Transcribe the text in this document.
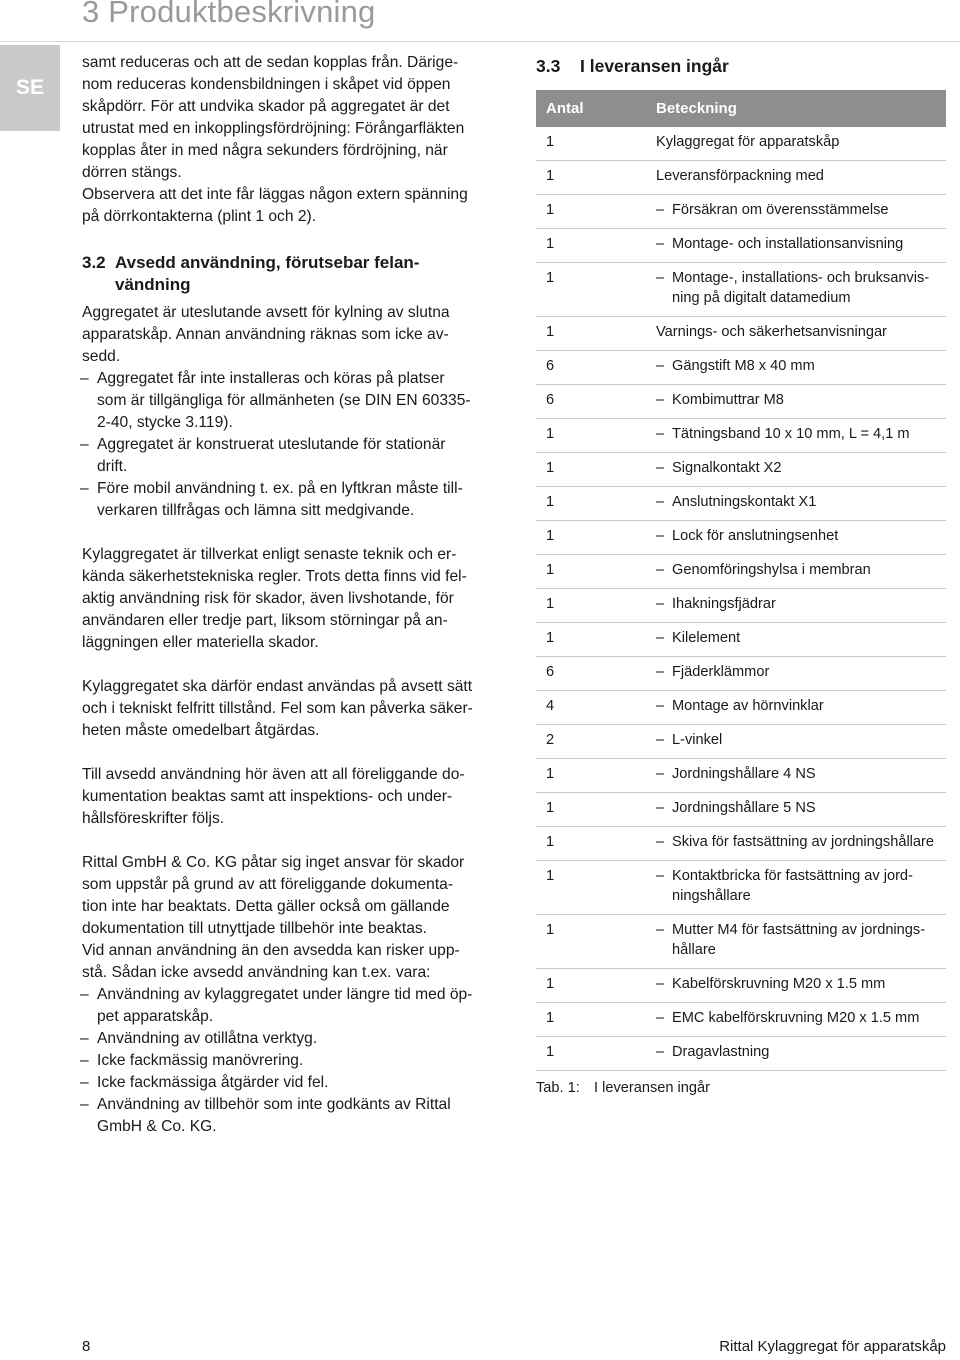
3 Produktbeskrivning
SE

samt reduceras och att de sedan kopplas från. Därige-
nom reduceras kondensbildningen i skåpet vid öppen
skåpdörr. För att undvika skador på aggregatet är det
utrustat med en inkopplingsfördröjning: Förångarfläkten
kopplas åter in med några sekunders fördröjning, när
dörren stängs.

Observera att det inte får läggas någon extern spänning
på dörrkontakterna (plint 1 och 2).

3.2 Avsedd användning, förutsebar felan-
vändning

Aggregatet är uteslutande avsett för kylning av slutna
apparatskåp. Annan användning räknas som icke av-
sedd.

– Aggregatet får inte installeras och köras på platser
som är tillgängliga för allmänheten (se DIN EN 60335-
2-40, stycke 3.119).
– Aggregatet är konstruerat uteslutande för stationär
drift.
– Före mobil användning t. ex. på en lyftkran måste till-
verkaren tillfrågas och lämna sitt medgivande.

Kylaggregatet är tillverkat enligt senaste teknik och er-
kända säkerhetstekniska regler. Trots detta finns vid fel-
aktig användning risk för skador, även livshotande, för
användaren eller tredje part, liksom störningar på an-
läggningen eller materiella skador.

Kylaggregatet ska därför endast användas på avsett sätt
och i tekniskt felfritt tillstånd. Fel som kan påverka säker-
heten måste omedelbart åtgärdas.

Till avsedd användning hör även att all föreliggande do-
kumentation beaktas samt att inspektions- och under-
hållsföreskrifter följs.

Rittal GmbH & Co. KG påtar sig inget ansvar för skador
som uppstår på grund av att föreliggande dokumenta-
tion inte har beaktats. Detta gäller också om gällande
dokumentation till utnyttjade tillbehör inte beaktas.

Vid annan användning än den avsedda kan risker upp-
stå. Sådan icke avsedd användning kan t.ex. vara:

– Användning av kylaggregatet under längre tid med öp-
pet apparatskåp.
– Användning av otillåtna verktyg.
– Icke fackmässig manövrering.
– Icke fackmässiga åtgärder vid fel.
– Användning av tillbehör som inte godkänts av Rittal
GmbH & Co. KG.
3.3	I leveransen ingår
Antal	Beteckning
1	Kylaggregat för apparatskåp

1	Leveransförpackning med

1	– Försäkran om överensstämmelse

1	– Montage- och installationsanvisning

1	– Montage-, installations- och bruksanvis-
ning på digitalt datamedium

1	Varnings- och säkerhetsanvisningar

6	– Gängstift M8 x 40 mm

6	– Kombimuttrar M8

1	– Tätningsband 10 x 10 mm, L = 4,1 m

1	– Signalkontakt X2

1	– Anslutningskontakt X1

1	– Lock för anslutningsenhet

1	– Genomföringshylsa i membran

1	– Ihakningsfjädrar

1	– Kilelement

6	– Fjäderklämmor

4	– Montage av hörnvinklar

2	– L-vinkel

1	– Jordningshållare 4 NS

1	– Jordningshållare 5 NS

1	– Skiva för fastsättning av jordningshållare

1	– Kontaktbricka för fastsättning av jord-
ningshållare

1	– Mutter M4 för fastsättning av jordnings-
hållare

1	– Kabelförskruvning M20 x 1.5 mm

1	– EMC kabelförskruvning M20 x 1.5 mm

1	– Dragavlastning
Tab. 1: I leveransen ingår
8	Rittal Kylaggregat för apparatskåp
